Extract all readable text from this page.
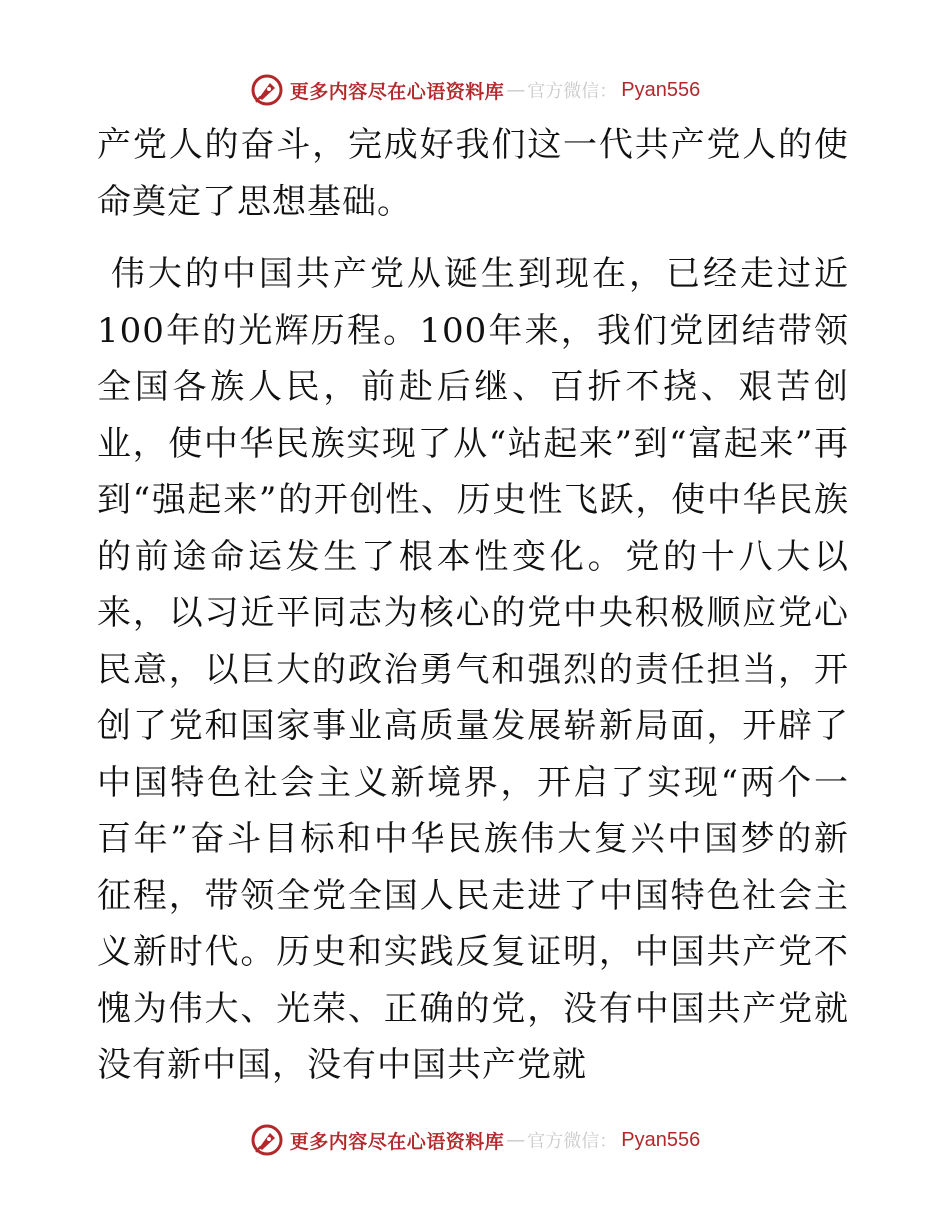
更多内容尽在心语资料库 — 官方微信： Pyan556

产党人的奋斗，完成好我们这一代共产党人的使命奠定了思想基础。

伟大的中国共产党从诞生到现在，已经走过近100年的光辉历程。100年来，我们党团结带领全国各族人民，前赴后继、百折不挠、艰苦创业，使中华民族实现了从“站起来”到“富起来”再到“强起来”的开创性、历史性飞跃，使中华民族的前途命运发生了根本性变化。党的十八大以来，以习近平同志为核心的党中央积极顺应党心民意，以巨大的政治勇气和强烈的责任担当，开创了党和国家事业高质量发展崭新局面，开辟了中国特色社会主义新境界，开启了实现“两个一百年”奋斗目标和中华民族伟大复兴中国梦的新征程，带领全党全国人民走进了中国特色社会主义新时代。历史和实践反复证明，中国共产党不愧为伟大、光荣、正确的党，没有中国共产党就没有新中国，没有中国共产党就

更多内容尽在心语资料库 — 官方微信： Pyan556
